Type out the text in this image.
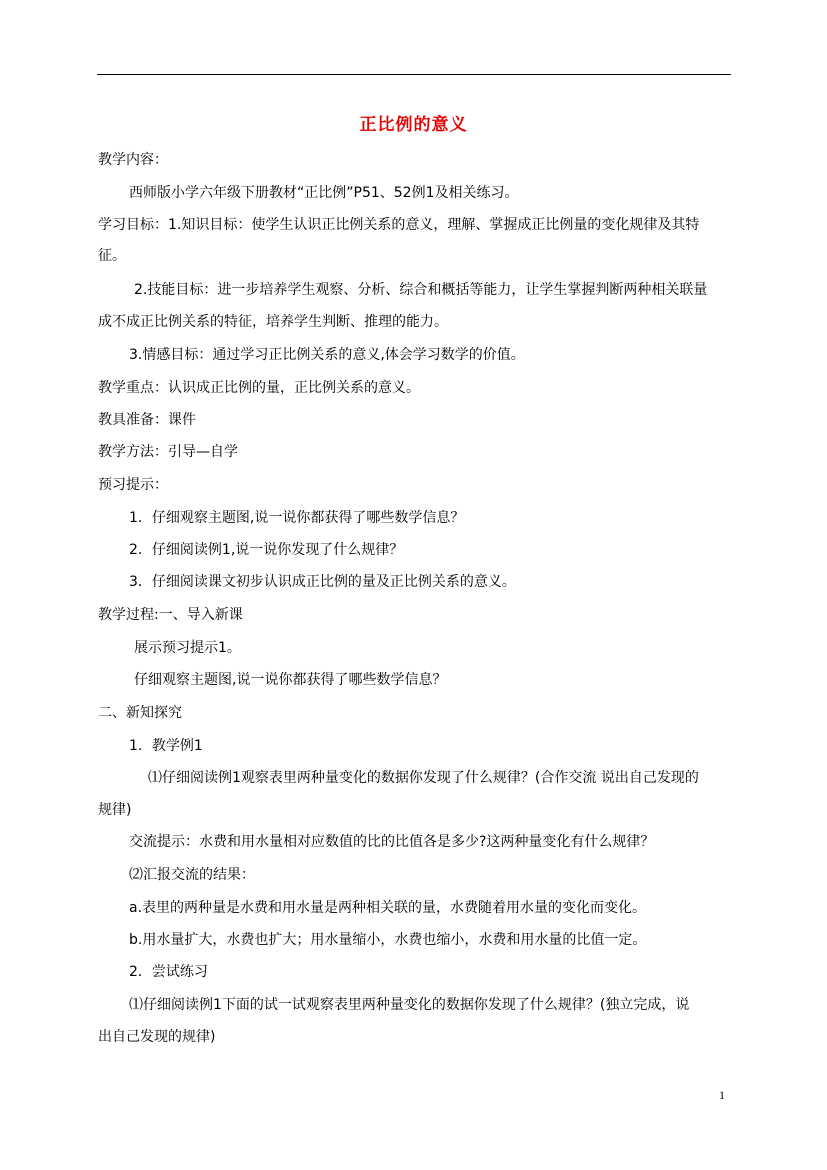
正比例的意义
教学内容：
西师版小学六年级下册教材“正比例”P51、52例1及相关练习。
学习目标：1.知识目标：使学生认识正比例关系的意义，理解、掌握成正比例量的变化规律及其特
征。
2.技能目标：进一步培养学生观察、分析、综合和概括等能力，让学生掌握判断两种相关联量
成不成正比例关系的特征，培养学生判断、推理的能力。
3.情感目标：通过学习正比例关系的意义,体会学习数学的价值。
教学重点：认识成正比例的量，正比例关系的意义。
教具准备：课件
教学方法：引导—自学
预习提示：
1．仔细观察主题图,说一说你都获得了哪些数学信息？
2．仔细阅读例1,说一说你发现了什么规律？
3．仔细阅读课文初步认识成正比例的量及正比例关系的意义。
教学过程:一、导入新课
展示预习提示1。
仔细观察主题图,说一说你都获得了哪些数学信息？
二、新知探究
1．教学例1
⑴仔细阅读例1观察表里两种量变化的数据你发现了什么规律？(合作交流 说出自己发现的
规律)
交流提示：水费和用水量相对应数值的比的比值各是多少?这两种量变化有什么规律？
⑵汇报交流的结果：
a.表里的两种量是水费和用水量是两种相关联的量，水费随着用水量的变化而变化。
b.用水量扩大，水费也扩大；用水量缩小，水费也缩小，水费和用水量的比值一定。
2．尝试练习
⑴仔细阅读例1下面的试一试观察表里两种量变化的数据你发现了什么规律？(独立完成，说
出自己发现的规律)
1
